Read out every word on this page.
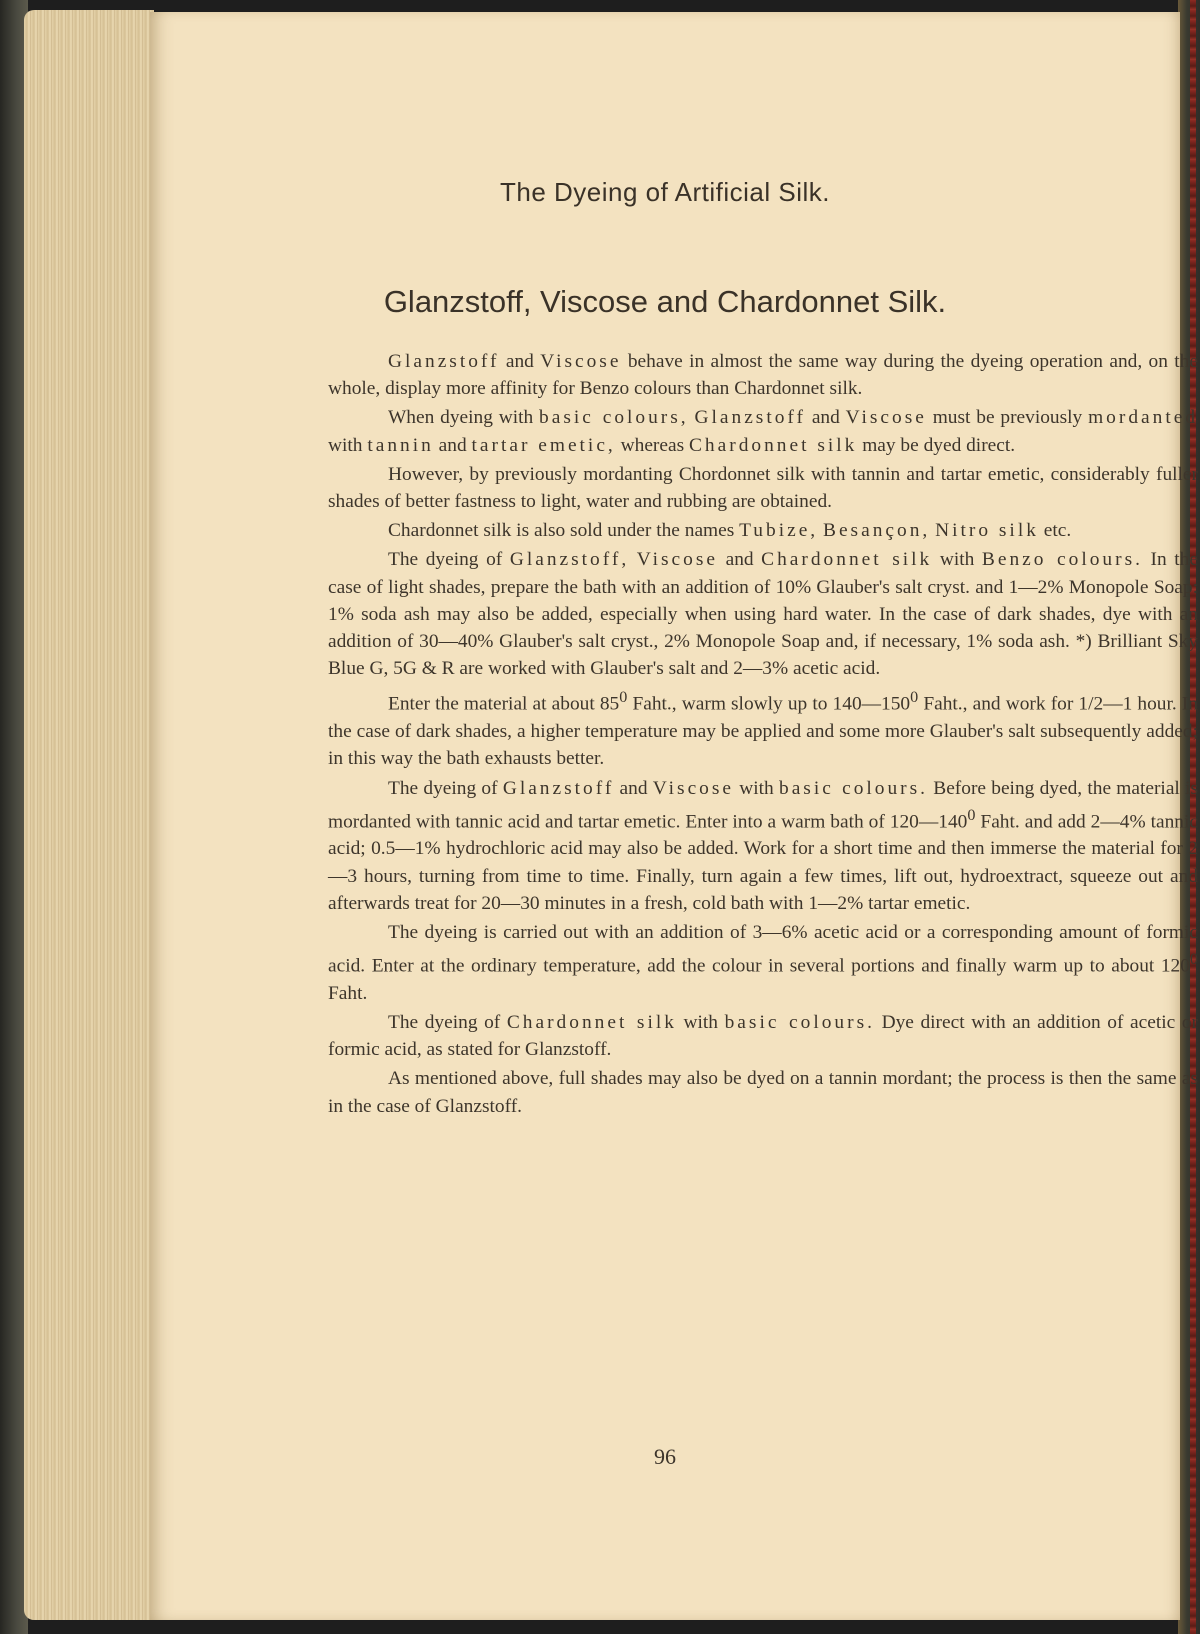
The Dyeing of Artificial Silk.
Glanzstoff, Viscose and Chardonnet Silk.

Glanzstoff and Viscose behave in almost the same way during the dyeing operation and, on the whole, display more affinity for Benzo colours than Chardonnet silk.

When dyeing with basic colours, Glanzstoff and Viscose must be previously mordanted with tannin and tartar emetic, whereas Chardonnet silk may be dyed direct.

However, by previously mordanting Chordonnet silk with tannin and tartar emetic, considerably fuller shades of better fastness to light, water and rubbing are obtained.

Chardonnet silk is also sold under the names Tubize, Besançon, Nitro silk etc.

The dyeing of Glanzstoff, Viscose and Chardonnet silk with Benzo colours. In the case of light shades, prepare the bath with an addition of 10% Glauber's salt cryst. and 1—2% Monopole Soap: 1% soda ash may also be added, especially when using hard water. In the case of dark shades, dye with an addition of 30—40% Glauber's salt cryst., 2% Monopole Soap and, if necessary, 1% soda ash. *) Brilliant Sky Blue G, 5G & R are worked with Glauber's salt and 2—3% acetic acid.

Enter the material at about $85^0$ Faht., warm slowly up to $140—150^0$ Faht., and work for 1/2—1 hour. In the case of dark shades, a higher temperature may be applied and some more Glauber's salt subsequently added; in this way the bath exhausts better.

The dyeing of Glanzstoff and Viscose with basic colours. Before being dyed, the material is mordanted with tannic acid and tartar emetic. Enter into a warm bath of $120—140^0$ Faht. and add 2—4% tannic acid; 0.5—1% hydrochloric acid may also be added. Work for a short time and then immerse the material for 2—3 hours, turning from time to time. Finally, turn again a few times, lift out, hydroextract, squeeze out and afterwards treat for 20—30 minutes in a fresh, cold bath with 1—2% tartar emetic.

The dyeing is carried out with an addition of 3—6% acetic acid or a corresponding amount of formic acid. Enter at the ordinary temperature, add the colour in several portions and finally warm up to about $120^0$ Faht.

The dyeing of Chardonnet silk with basic colours. Dye direct with an addition of acetic or formic acid, as stated for Glanzstoff.

As mentioned above, full shades may also be dyed on a tannin mordant; the process is then the same as in the case of Glanzstoff.

96
